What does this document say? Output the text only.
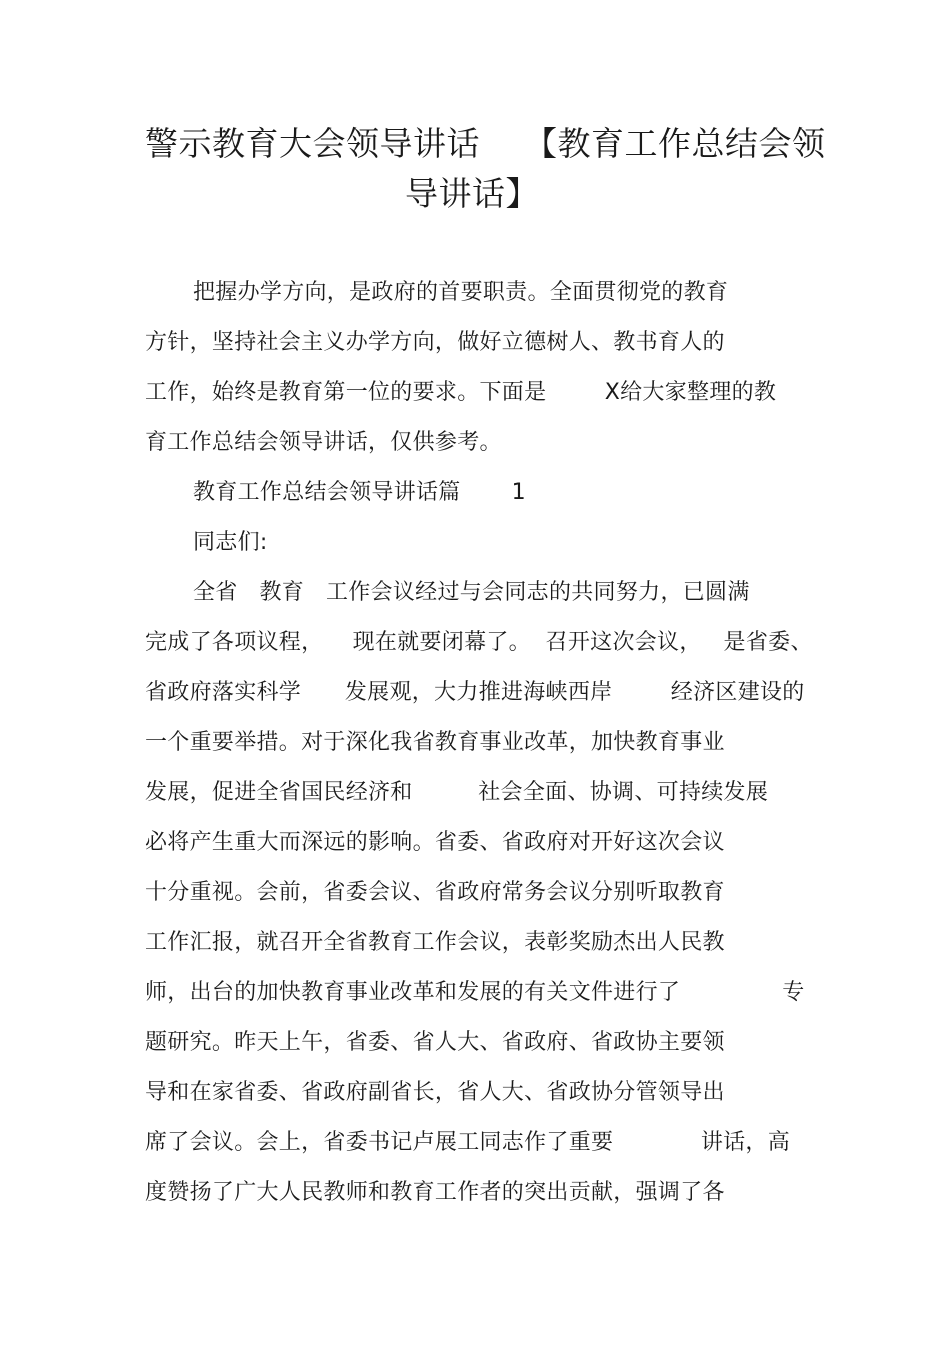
警示教育大会领导讲话    【教育工作总结会领
导讲话】
把握办学方向，是政府的首要职责。全面贯彻党的教育
方针，坚持社会主义办学方向，做好立德树人、教书育人的
工作，始终是教育第一位的要求。下面是        X给大家整理的教
育工作总结会领导讲话，仅供参考。
教育工作总结会领导讲话篇       1
同志们:
全省   教育   工作会议经过与会同志的共同努力，已圆满
完成了各项议程，    现在就要闭幕了。  召开这次会议，   是省委、
省政府落实科学      发展观，大力推进海峡西岸        经济区建设的
一个重要举措。对于深化我省教育事业改革，加快教育事业
发展，促进全省国民经济和         社会全面、协调、可持续发展
必将产生重大而深远的影响。省委、省政府对开好这次会议
十分重视。会前，省委会议、省政府常务会议分别听取教育
工作汇报，就召开全省教育工作会议，表彰奖励杰出人民教
师，出台的加快教育事业改革和发展的有关文件进行了              专
题研究。昨天上午，省委、省人大、省政府、省政协主要领
导和在家省委、省政府副省长，省人大、省政协分管领导出
席了会议。会上，省委书记卢展工同志作了重要            讲话，高
度赞扬了广大人民教师和教育工作者的突出贡献，强调了各
